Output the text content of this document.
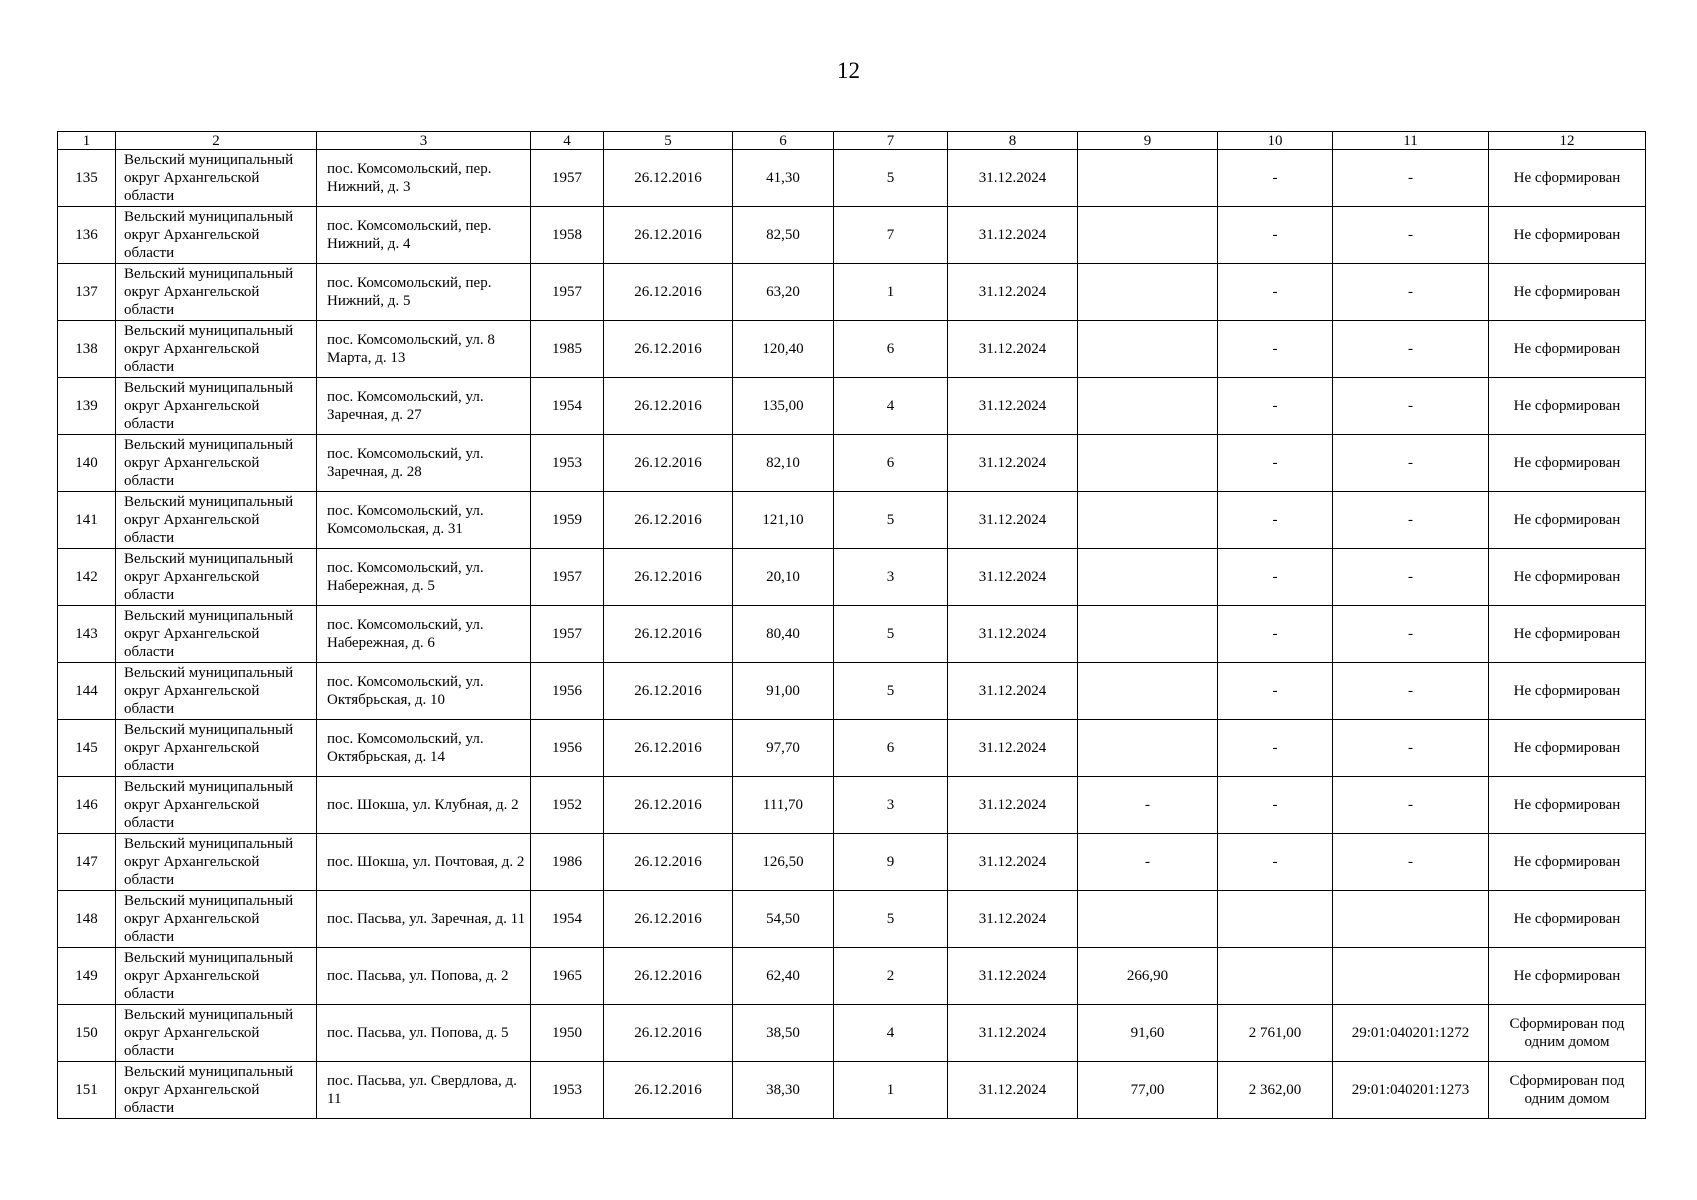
12
1	2	3	4	5	6	7	8	9	10	11	12
135	Вельский муниципальный округ Архангельской области	пос. Комсомольский, пер. Нижний, д. 3	1957	26.12.2016	41,30	5	31.12.2024		-	-	Не сформирован
136	Вельский муниципальный округ Архангельской области	пос. Комсомольский, пер. Нижний, д. 4	1958	26.12.2016	82,50	7	31.12.2024		-	-	Не сформирован
137	Вельский муниципальный округ Архангельской области	пос. Комсомольский, пер. Нижний, д. 5	1957	26.12.2016	63,20	1	31.12.2024		-	-	Не сформирован
138	Вельский муниципальный округ Архангельской области	пос. Комсомольский, ул. 8 Марта, д. 13	1985	26.12.2016	120,40	6	31.12.2024		-	-	Не сформирован
139	Вельский муниципальный округ Архангельской области	пос. Комсомольский, ул. Заречная, д. 27	1954	26.12.2016	135,00	4	31.12.2024		-	-	Не сформирован
140	Вельский муниципальный округ Архангельской области	пос. Комсомольский, ул. Заречная, д. 28	1953	26.12.2016	82,10	6	31.12.2024		-	-	Не сформирован
141	Вельский муниципальный округ Архангельской области	пос. Комсомольский, ул. Комсомольская, д. 31	1959	26.12.2016	121,10	5	31.12.2024		-	-	Не сформирован
142	Вельский муниципальный округ Архангельской области	пос. Комсомольский, ул. Набережная, д. 5	1957	26.12.2016	20,10	3	31.12.2024		-	-	Не сформирован
143	Вельский муниципальный округ Архангельской области	пос. Комсомольский, ул. Набережная, д. 6	1957	26.12.2016	80,40	5	31.12.2024		-	-	Не сформирован
144	Вельский муниципальный округ Архангельской области	пос. Комсомольский, ул. Октябрьская, д. 10	1956	26.12.2016	91,00	5	31.12.2024		-	-	Не сформирован
145	Вельский муниципальный округ Архангельской области	пос. Комсомольский, ул. Октябрьская, д. 14	1956	26.12.2016	97,70	6	31.12.2024		-	-	Не сформирован
146	Вельский муниципальный округ Архангельской области	пос. Шокша, ул. Клубная, д. 2	1952	26.12.2016	111,70	3	31.12.2024	-	-	-	Не сформирован
147	Вельский муниципальный округ Архангельской области	пос. Шокша, ул. Почтовая, д. 2	1986	26.12.2016	126,50	9	31.12.2024	-	-	-	Не сформирован
148	Вельский муниципальный округ Архангельской области	пос. Пасьва, ул. Заречная, д. 11	1954	26.12.2016	54,50	5	31.12.2024				Не сформирован
149	Вельский муниципальный округ Архангельской области	пос. Пасьва, ул. Попова, д. 2	1965	26.12.2016	62,40	2	31.12.2024	266,90			Не сформирован
150	Вельский муниципальный округ Архангельской области	пос. Пасьва, ул. Попова, д. 5	1950	26.12.2016	38,50	4	31.12.2024	91,60	2 761,00	29:01:040201:1272	Сформирован под одним домом
151	Вельский муниципальный округ Архангельской области	пос. Пасьва, ул. Свердлова, д. 11	1953	26.12.2016	38,30	1	31.12.2024	77,00	2 362,00	29:01:040201:1273	Сформирован под одним домом
